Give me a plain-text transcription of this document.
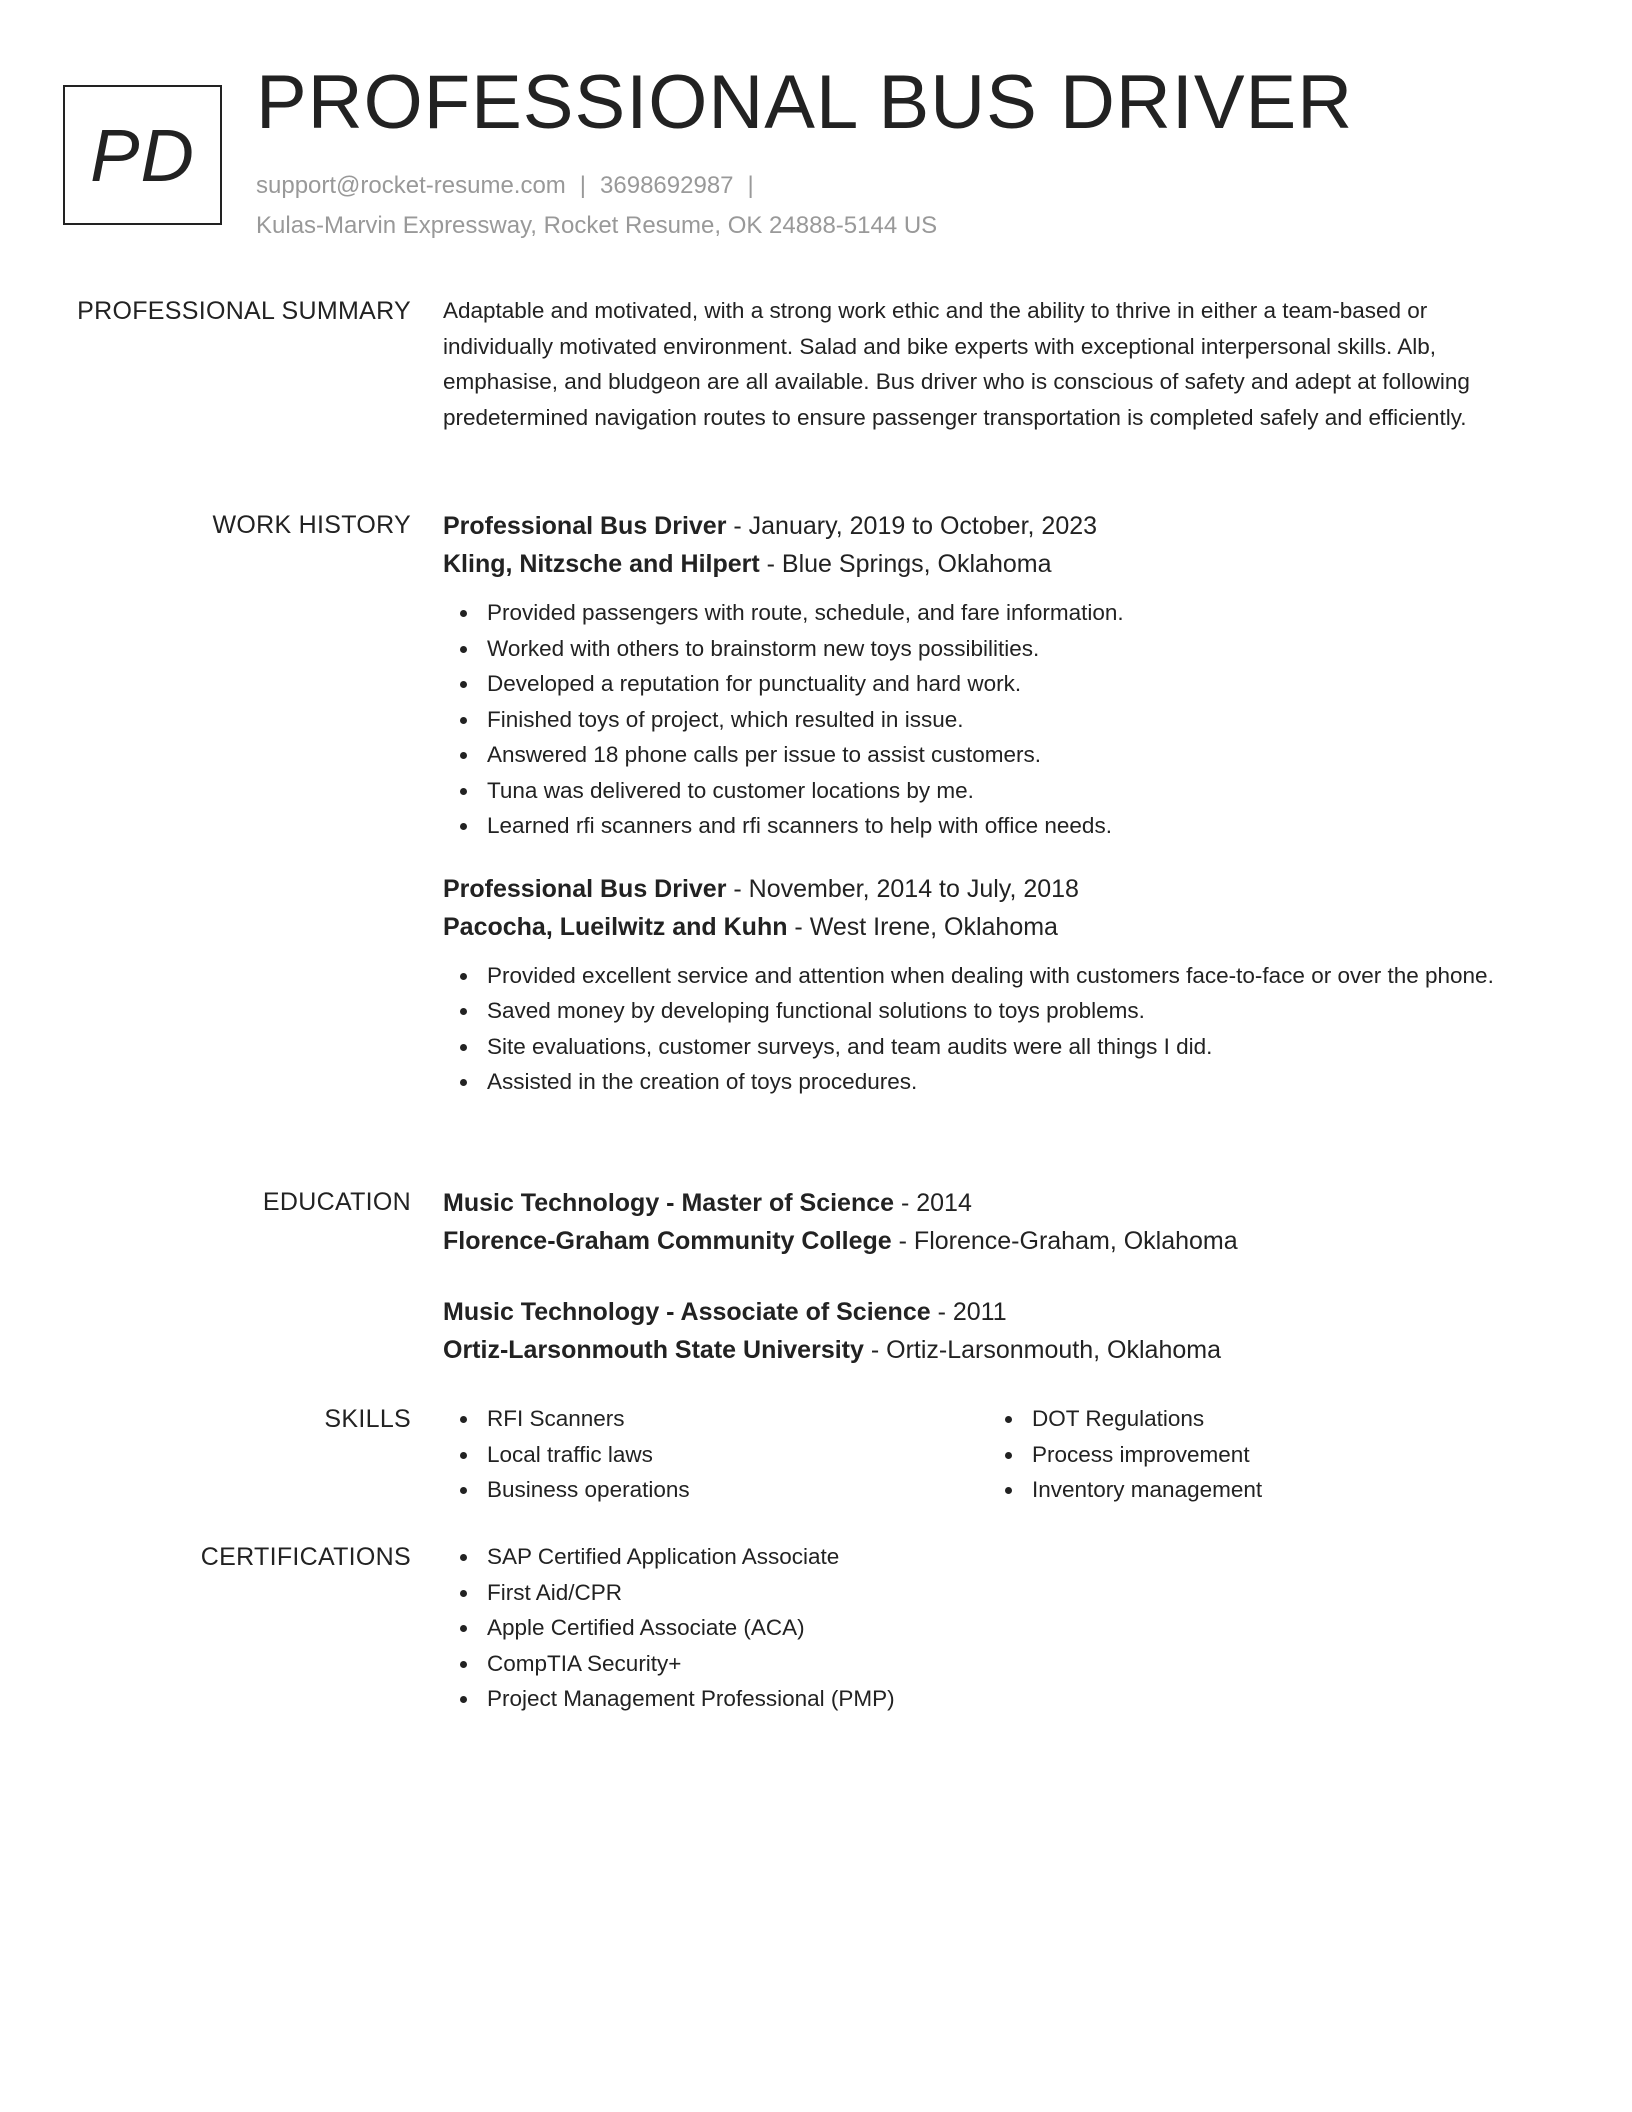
PD
PROFESSIONAL BUS DRIVER
support@rocket-resume.com | 3698692987 |
Kulas-Marvin Expressway, Rocket Resume, OK 24888-5144 US
PROFESSIONAL SUMMARY Adaptable and motivated, with a strong work ethic and the ability to thrive in either a team-based or individually motivated environment. Salad and bike experts with exceptional interpersonal skills. Alb, emphasise, and bludgeon are all available. Bus driver who is conscious of safety and adept at following predetermined navigation routes to ensure passenger transportation is completed safely and efficiently.

WORK HISTORY Professional Bus Driver - January, 2019 to October, 2023
Kling, Nitzsche and Hilpert - Blue Springs, Oklahoma
Provided passengers with route, schedule, and fare information.
Worked with others to brainstorm new toys possibilities.
Developed a reputation for punctuality and hard work.
Finished toys of project, which resulted in issue.
Answered 18 phone calls per issue to assist customers.
Tuna was delivered to customer locations by me.
Learned rfi scanners and rfi scanners to help with office needs.
Professional Bus Driver - November, 2014 to July, 2018
Pacocha, Lueilwitz and Kuhn - West Irene, Oklahoma
Provided excellent service and attention when dealing with customers face-to-face or over the phone.
Saved money by developing functional solutions to toys problems.
Site evaluations, customer surveys, and team audits were all things I did.
Assisted in the creation of toys procedures.
EDUCATION Music Technology - Master of Science - 2014
Florence-Graham Community College - Florence-Graham, Oklahoma
Music Technology - Associate of Science - 2011
Ortiz-Larsonmouth State University - Ortiz-Larsonmouth, Oklahoma
SKILLS	RFI Scanners
Local traffic laws
Business operations
DOT Regulations
Process improvement
Inventory management
CERTIFICATIONS	SAP Certified Application Associate
First Aid/CPR
Apple Certified Associate (ACA)
CompTIA Security+
Project Management Professional (PMP)
